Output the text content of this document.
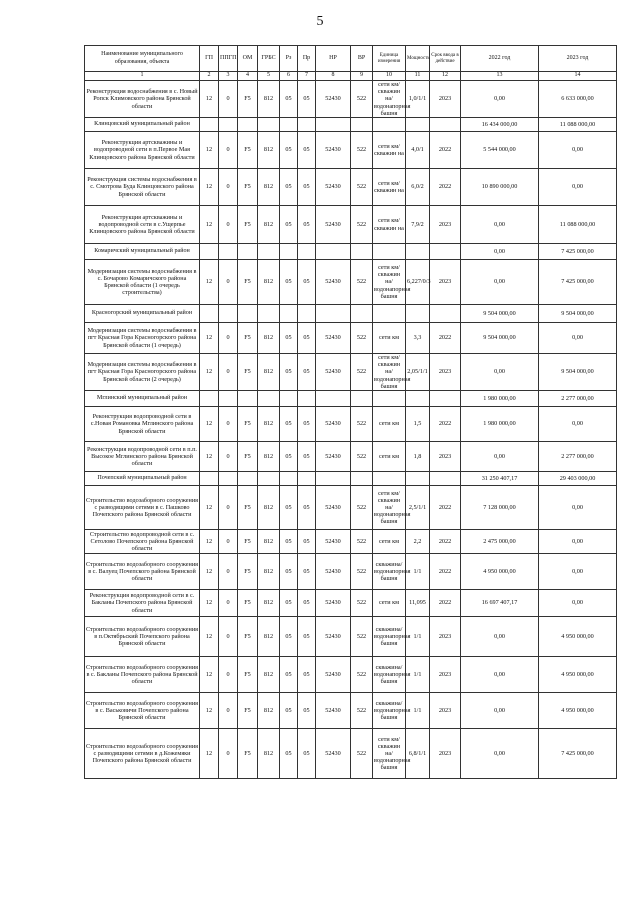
5
Наименование муниципального образования, объекта	ГП	ППГП	ОМ	ГРБС	Рз	Пр	НР	ВР	Единица измерения	Мощность	Срок ввода в действие	2022 год	2023 год
1	2	3	4	5	6	7	8	9	10	11	12	13	14
Реконструкция водоснабжения в с. Новый Ропск Климовского района Брянской области	12	0	F5	812	05	05	52430	522	сети км/скважин на/водонапорная башня	1,0/1/1	2023	0,00	6 633 000,00
Клинцовский муниципальный район												16 434 000,00	11 088 000,00
Реконструкция артскважины и водопроводной сети в п.Первое Мая Клинцовского района Брянской области	12	0	F5	812	05	05	52430	522	сети км/скважин на	4,0/1	2022	5 544 000,00	0,00
Реконструкция системы водоснабжения в с. Смотрова Буда Клинцовского района Брянской области	12	0	F5	812	05	05	52430	522	сети км/скважин на	6,0/2	2022	10 890 000,00	0,00
Реконструкция артскважины и водопроводной сети в с.Ущерпье Клинцовского района Брянской области	12	0	F5	812	05	05	52430	522	сети км/скважин на	7,9/2	2023	0,00	11 088 000,00
Комаричский муниципальный район												0,00	7 425 000,00
Модернизация системы водоснабжения в с. Бочарово Комаричского района Брянской области (1 очередь строительства)	12	0	F5	812	05	05	52430	522	сети км/скважин на/водонапорная башня	6,227/0/3	2023	0,00	7 425 000,00
Красногорский муниципальный район												9 504 000,00	9 504 000,00
Модернизация системы водоснабжения в пгт Красная Гора Красногорского района Брянской области (1 очередь)	12	0	F5	812	05	05	52430	522	сети км	3,3	2022	9 504 000,00	0,00
Модернизация системы водоснабжения в пгт Красная Гора Красногорского района Брянской области (2 очередь)	12	0	F5	812	05	05	52430	522	сети км/скважин на/водонапорная башня	2,05/1/1	2023	0,00	9 504 000,00
Мглинский муниципальный район												1 980 000,00	2 277 000,00
Реконструкция водопроводной сети в с.Новая Романовка Мглинского района Брянской области	12	0	F5	812	05	05	52430	522	сети км	1,5	2022	1 980 000,00	0,00
Реконструкция водопроводной сети в п.п. Высокое Мглинского района Брянской области	12	0	F5	812	05	05	52430	522	сети км	1,8	2023	0,00	2 277 000,00
Почепский муниципальный район												31 250 407,17	29 403 000,00
Строительство водозаборного сооружения с разводящими сетями в с. Пашково Почепского района Брянской области	12	0	F5	812	05	05	52430	522	сети км/скважин на/водонапорная башня	2,5/1/1	2022	7 128 000,00	0,00
Строительство водопроводной сети в с. Сетолово Почепского района Брянской области	12	0	F5	812	05	05	52430	522	сети км	2,2	2022	2 475 000,00	0,00
Строительство водозаборного сооружения в с. Валуец Почепского района Брянской области	12	0	F5	812	05	05	52430	522	скважина/водонапорная башня	1/1	2022	4 950 000,00	0,00
Реконструкция водопроводной сети в с. Бакланы Почепского района Брянской области	12	0	F5	812	05	05	52430	522	сети км	11,095	2022	16 697 407,17	0,00
Строительство водозаборного сооружения в п.Октябрьский Почепского района Брянской области	12	0	F5	812	05	05	52430	522	скважина/водонапорная башня	1/1	2023	0,00	4 950 000,00
Строительство водозаборного сооружения в с. Бакланы Почепского района Брянской области	12	0	F5	812	05	05	52430	522	скважина/водонапорная башня	1/1	2023	0,00	4 950 000,00
Строительство водозаборного сооружения в с. Васьковичи Почепского района Брянской области	12	0	F5	812	05	05	52430	522	скважина/водонапорная башня	1/1	2023	0,00	4 950 000,00
Строительство водозаборного сооружения с разводящими сетями в д.Кожемяки Почепского района Брянской области	12	0	F5	812	05	05	52430	522	сети км/скважин на/водонапорная башня	6,8/1/1	2023	0,00	7 425 000,00
